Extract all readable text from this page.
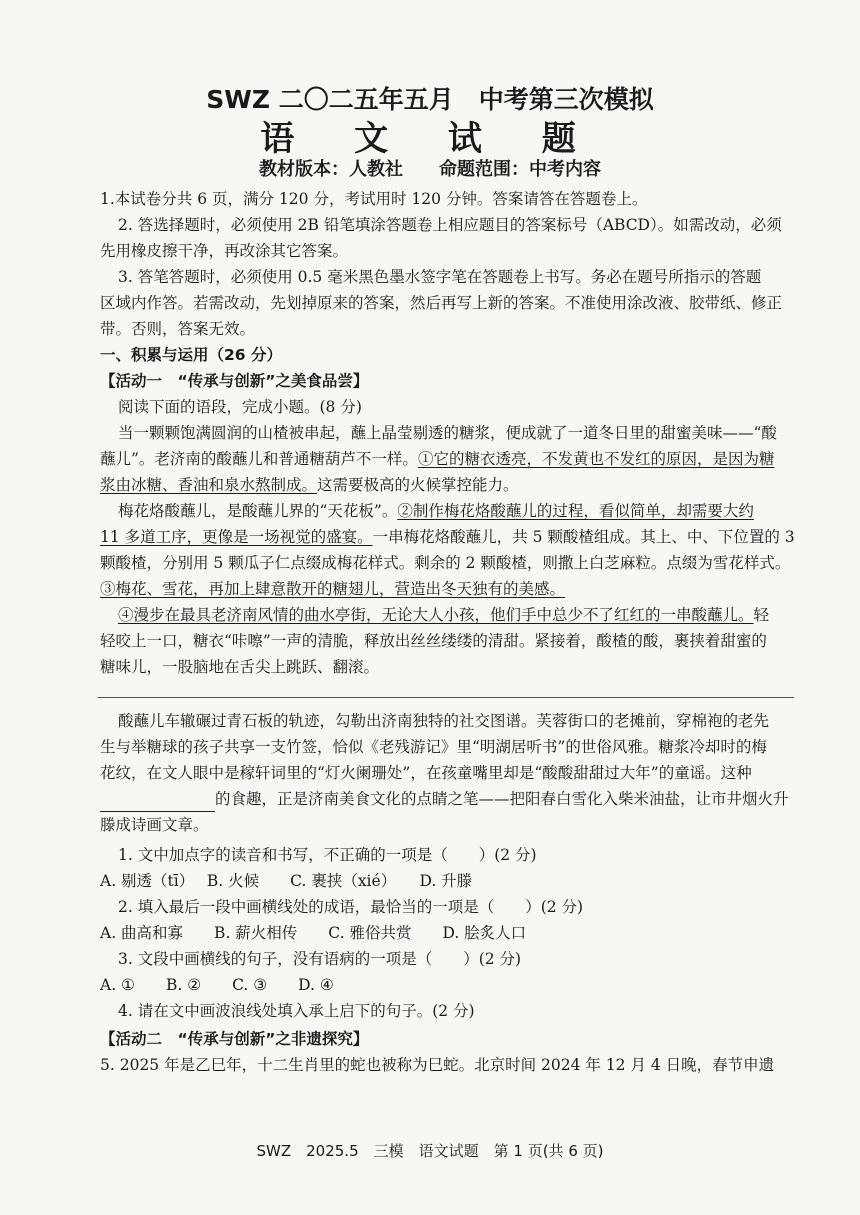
SWZ 二〇二五年五月　中考第三次模拟
语 文 试 题
教材版本：人教社　　命题范围：中考内容
1.本试卷分共 6 页，满分 120 分，考试用时 120 分钟。答案请答在答题卷上。
2. 答选择题时，必须使用 2B 铅笔填涂答题卷上相应题目的答案标号（ABCD）。如需改动，必须
先用橡皮擦干净，再改涂其它答案。
3. 答笔答题时，必须使用 0.5 毫米黑色墨水签字笔在答题卷上书写。务必在题号所指示的答题
区域内作答。若需改动，先划掉原来的答案，然后再写上新的答案。不准使用涂改液、胶带纸、修正
带。否则，答案无效。
一、积累与运用（26 分）
【活动一　“传承与创新”之美食品尝】
阅读下面的语段，完成小题。(8 分)
当一颗颗饱满圆润的山楂被串起，蘸上晶莹剔透的糖浆，便成就了一道冬日里的甜蜜美味——“酸
蘸儿”。老济南的酸蘸儿和普通糖葫芦不一样。①它的糖衣透亮，不发黄也不发红的原因，是因为糖
浆由冰糖、香油和泉水熬制成。这需要极高的火候掌控能力。
梅花烙酸蘸儿，是酸蘸儿界的“天花板”。②制作梅花烙酸蘸儿的过程，看似简单，却需要大约
11 多道工序，更像是一场视觉的盛宴。一串梅花烙酸蘸儿，共 5 颗酸楂组成。其上、中、下位置的 3
颗酸楂，分别用 5 颗瓜子仁点缀成梅花样式。剩余的 2 颗酸楂，则撒上白芝麻粒。点缀为雪花样式。
③梅花、雪花，再加上肆意散开的糖翅儿，营造出冬天独有的美感。
④漫步在最具老济南风情的曲水亭街，无论大人小孩，他们手中总少不了红红的一串酸蘸儿。轻
轻咬上一口，糖衣“咔嚓”一声的清脆，释放出丝丝缕缕的清甜。紧接着，酸楂的酸，裹挟着甜蜜的
糖味儿，一股脑地在舌尖上跳跃、翻滚。
酸蘸儿车辙碾过青石板的轨迹，勾勒出济南独特的社交图谱。芙蓉街口的老摊前，穿棉袍的老先
生与举糖球的孩子共享一支竹签，恰似《老残游记》里“明湖居听书”的世俗风雅。糖浆冷却时的梅
花纹，在文人眼中是稼轩词里的“灯火阑珊处”，在孩童嘴里却是“酸酸甜甜过大年”的童谣。这种
的食趣，正是济南美食文化的点睛之笔——把阳春白雪化入柴米油盐，让市井烟火升
滕成诗画文章。
1. 文中加点字的读音和书写，不正确的一项是（　　）(2 分)
A. 剔透（tī）　 B. 火候　　C. 裹挟（xié）　　D. 升滕
2. 填入最后一段中画横线处的成语，最恰当的一项是（　　）(2 分)
A. 曲高和寡　　B. 薪火相传　　C. 雅俗共赏　　D. 脍炙人口
3. 文段中画横线的句子，没有语病的一项是（　　）(2 分)
A. ①　　B. ②　　C. ③　　D. ④
4. 请在文中画波浪线处填入承上启下的句子。(2 分)
【活动二　“传承与创新”之非遗探究】
5. 2025 年是乙巳年，十二生肖里的蛇也被称为巳蛇。北京时间 2024 年 12 月 4 日晚，春节申遗
SWZ　2025.5　三模　语文试题　第 1 页(共 6 页)
